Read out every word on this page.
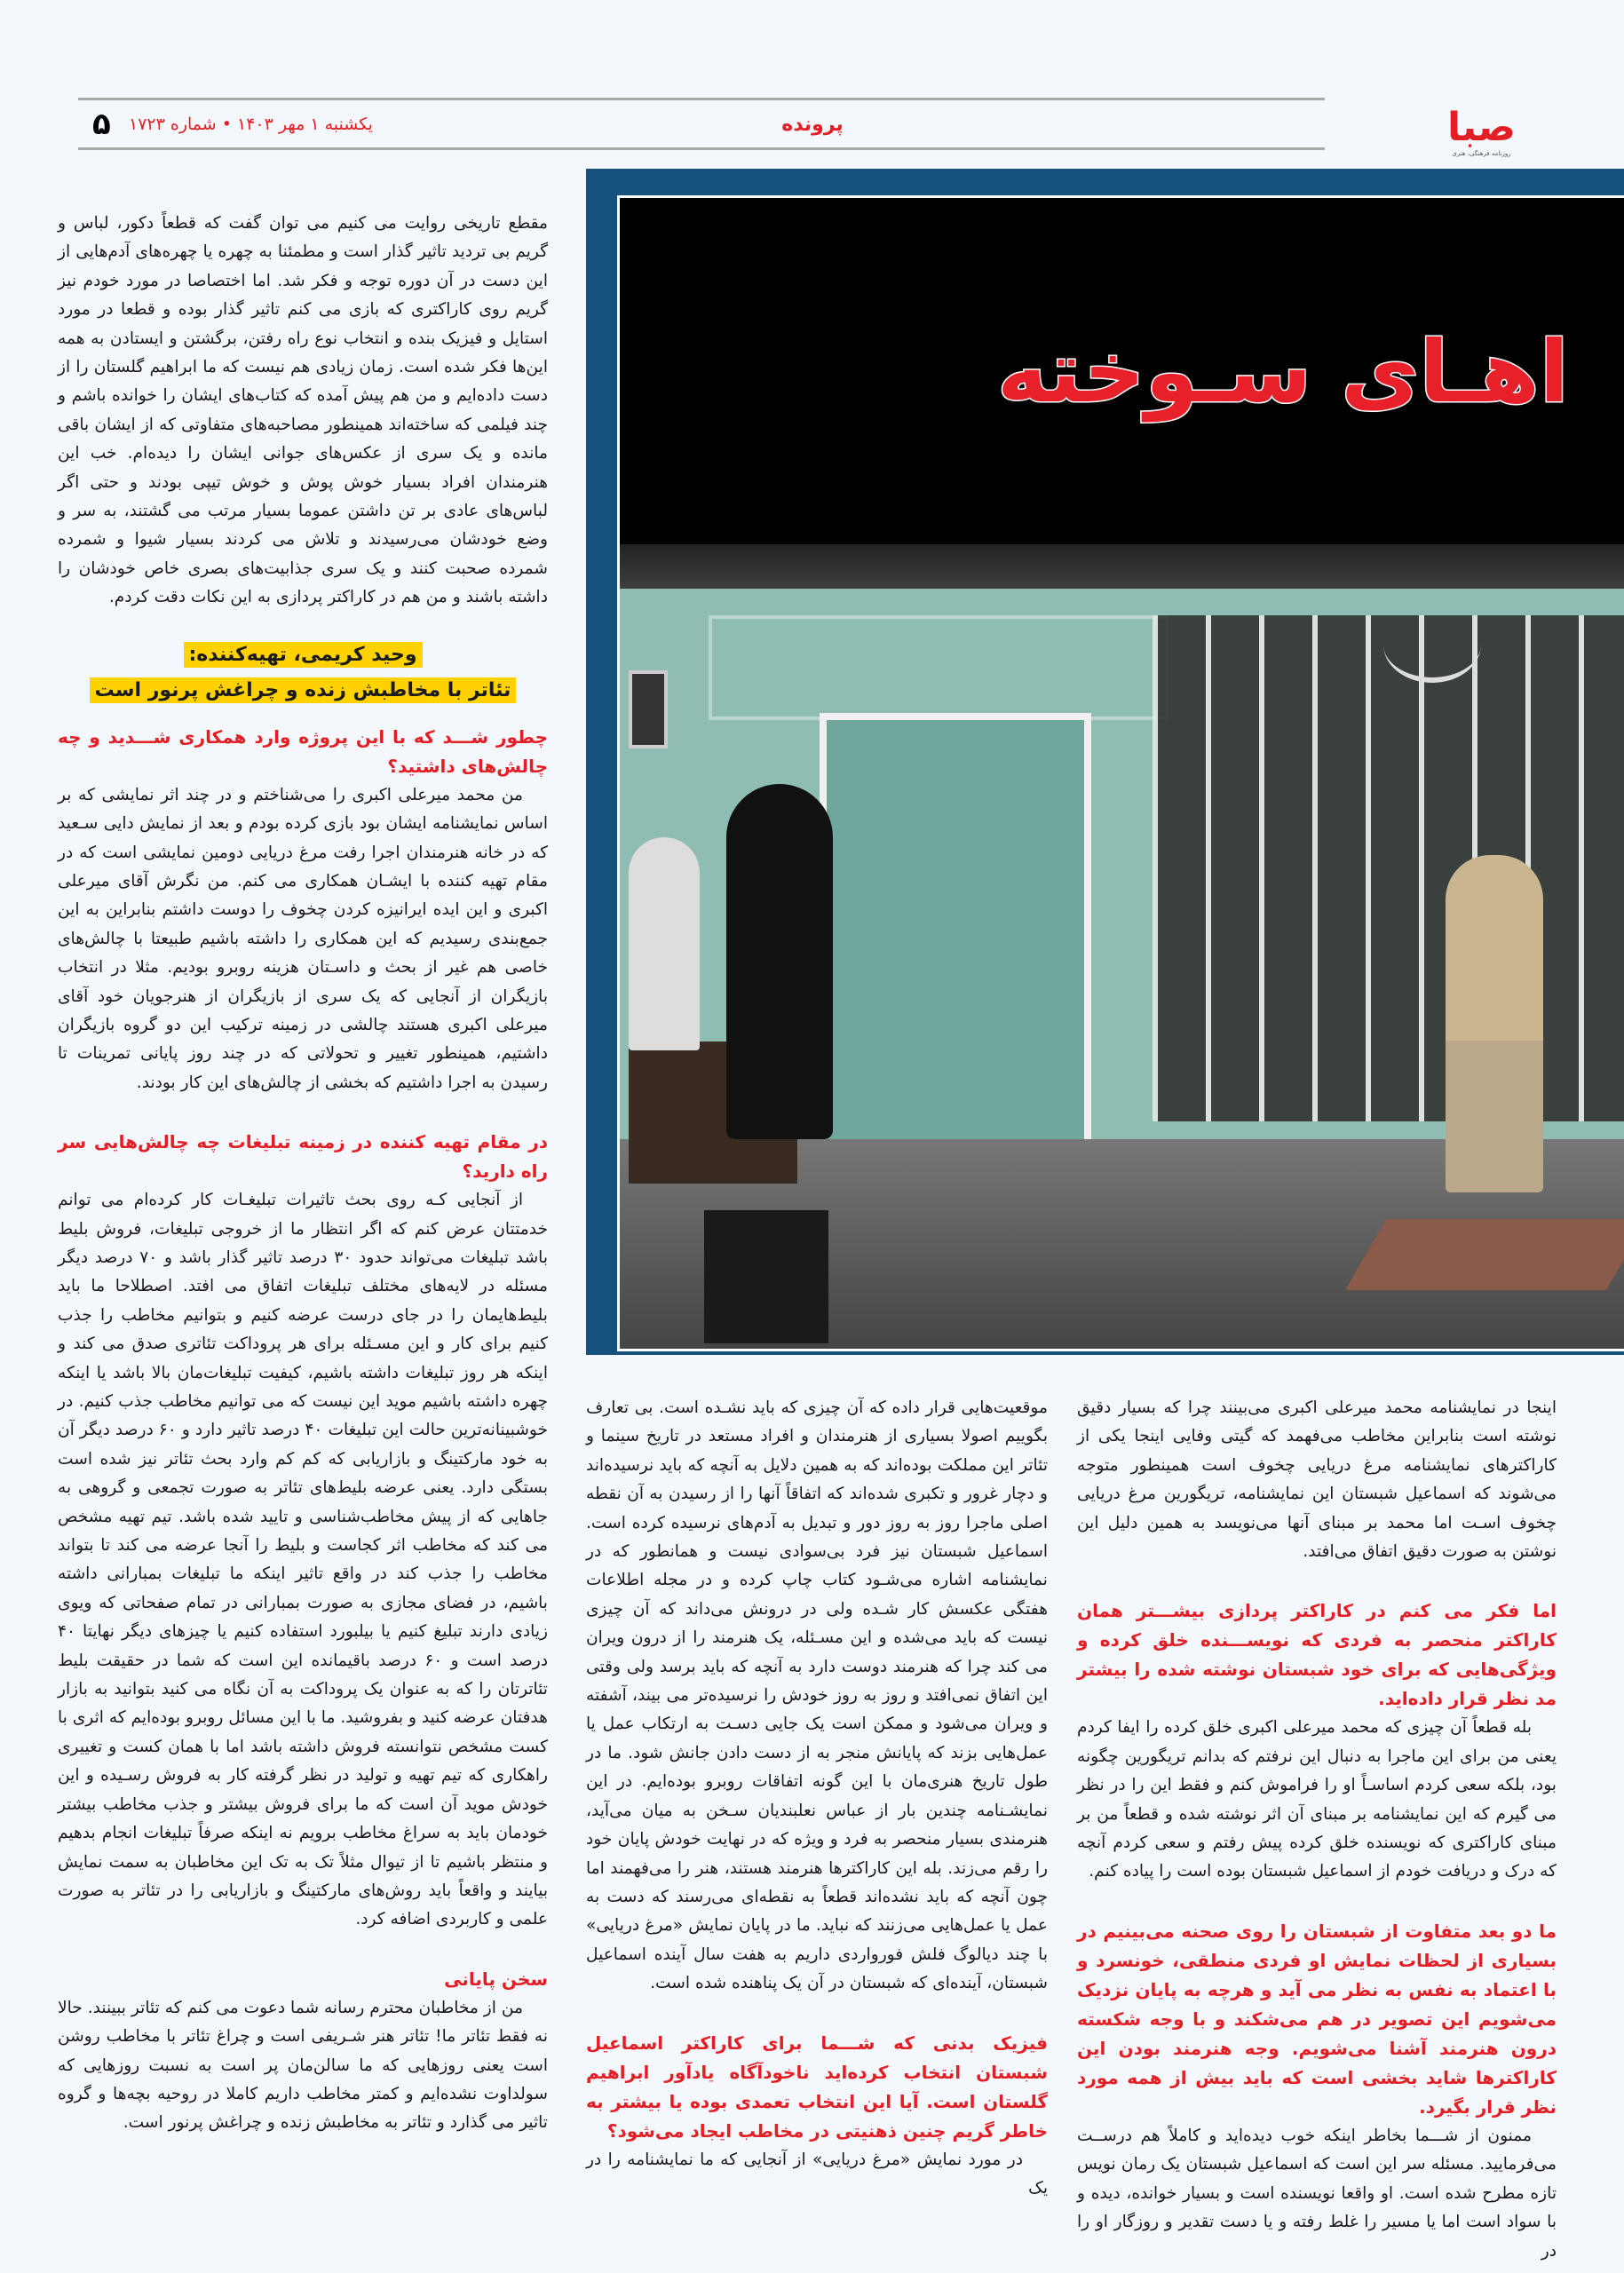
صبا
روزنامه فرهنگی، هنری
پرونده
یکشنبه ۱ مهر ۱۴۰۳ • شماره ۱۷۲۳
۵
اهـای سـوخته

مقطع تاریخی روایت می کنیم می توان گفت که قطعاً دکور، لباس و گریم بی تردید تاثیر گذار است و مطمئنا به چهره یا چهره‌های آدم‌هایی از این دست در آن دوره توجه و فکر شد. اما اختصاصا در مورد خودم نیز گریم روی کاراکتری که بازی می کنم تاثیر گذار بوده و قطعا در مورد استایل و فیزیک بنده و انتخاب نوع راه رفتن، برگشتن و ایستادن به همه این‌ها فکر شده است. زمان زیادی هم نیست که ما ابراهیم گلستان را از دست داده‌ایم و من هم پیش آمده که کتاب‌های ایشان را خوانده باشم و چند فیلمی که ساخته‌اند همینطور مصاحبه‌های متفاوتی که از ایشان باقی مانده و یک سری از عکس‌های جوانی ایشان را دیده‌ام. خب این هنرمندان افراد بسیار خوش پوش و خوش تیپی بودند و حتی اگر لباس‌های عادی بر تن داشتن عموما بسیار مرتب می گشتند، به سر و وضع خودشان می‌رسیدند و تلاش می کردند بسیار شیوا و شمرده شمرده صحبت کنند و یک سری جذابیت‌های بصری خاص خودشان را داشته باشند و من هم در کاراکتر پردازی به این نکات دقت کردم.

وحید کریمی، تهیه‌کننده:

تئاتر با مخاطبش زنده و چراغش پرنور است

چطور شـــد که با این پروژه وارد همکاری شـــدید و چه چالش‌های داشتید؟

من محمد میرعلی اکبری را می‌شناختم و در چند اثر نمایشی که بر اساس نمایشنامه ایشان بود بازی کرده بودم و بعد از نمایش دایی سـعید که در خانه هنرمندان اجرا رفت مرغ دریایی دومین نمایشی است که در مقام تهیه کننده با ایشـان همکاری می کنم. من نگرش آقای میرعلی اکبری و این ایده ایرانیزه کردن چخوف را دوست داشتم بنابراین به این جمع‌بندی رسیدیم که این همکاری را داشته باشیم طبیعتا با چالش‌های خاصی هم غیر از بحث و داسـتان هزینه روبرو بودیم. مثلا در انتخاب بازیگران از آنجایی که یک سری از بازیگران از هنرجویان خود آقای میرعلی اکبری هستند چالشی در زمینه ترکیب این دو گروه بازیگران داشتیم، همینطور تغییر و تحولاتی که در چند روز پایانی تمرینات تا رسیدن به اجرا داشتیم که بخشی از چالش‌های این کار بودند.

در مقام تهیه کننده در زمینه تبلیغات چه چالش‌هایی سر راه دارید؟

از آنجایی کـه روی بحث تاثیرات تبلیغـات کار کرده‌ام می توانم خدمتتان عرض کنم که اگر انتظار ما از خروجی تبلیغات، فروش بلیط باشد تبلیغات می‌تواند حدود ۳۰ درصد تاثیر گذار باشد و ۷۰ درصد دیگر مسئله در لایه‌های مختلف تبلیغات اتفاق می افتد. اصطلاحا ما باید بلیط‌هایمان را در جای درست عرضه کنیم و بتوانیم مخاطب را جذب کنیم برای کار و این مسـئله برای هر پروداکت تئاتری صدق می کند و اینکه هر روز تبلیغات داشته باشیم، کیفیت تبلیغات‌مان بالا باشد یا اینکه چهره داشته باشیم موید این نیست که می توانیم مخاطب جذب کنیم. در خوشبینانه‌ترین حالت این تبلیغات ۴۰ درصد تاثیر دارد و ۶۰ درصد دیگر آن به خود مارکتینگ و بازاریابی که کم کم وارد بحث تئاتر نیز شده است بستگی دارد. یعنی عرضه بلیط‌های تئاتر به صورت تجمعی و گروهی به جاهایی که از پیش مخاطب‌شناسی و تایید شده باشد. تیم تهیه مشخص می کند که مخاطب اثر کجاست و بلیط را آنجا عرضه می کند تا بتواند مخاطب را جذب کند در واقع تاثیر اینکه ما تبلیغات بمبارانی داشته باشیم، در فضای مجازی به صورت بمبارانی در تمام صفحاتی که ویوی زیادی دارند تبلیغ کنیم یا بیلبورد استفاده کنیم یا چیزهای دیگر نهایتا ۴۰ درصد است و ۶۰ درصد باقیمانده این است که شما در حقیقت بلیط تئاترتان را که به عنوان یک پروداکت به آن نگاه می کنید بتوانید به بازار هدفتان عرضه کنید و بفروشید. ما با این مسائل روبرو بوده‌ایم که اثری با کست مشخص نتوانسته فروش داشته باشد اما با همان کست و تغییری راهکاری که تیم تهیه و تولید در نظر گرفته کار به فروش رسـیده و این خودش موید آن است که ما برای فروش بیشتر و جذب مخاطب بیشتر خودمان باید به سراغ مخاطب برویم نه اینکه صرفاً تبلیغات انجام بدهیم و منتظر باشیم تا از تیوال مثلاً تک به تک این مخاطبان به سمت نمایش بیایند و واقعاً باید روش‌های مارکتینگ و بازاریابی را در تئاتر به صورت علمی و کاربردی اضافه کرد.

سخن پایانی

من از مخاطبان محترم رسانه شما دعوت می کنم که تئاتر ببینند. حالا نه فقط تئاتر ما! تئاتر هنر شـریفی است و چراغ تئاتر با مخاطب روشن است یعنی روزهایی که ما سالن‌مان پر است به نسبت روزهایی که سولداوت نشده‌ایم و کمتر مخاطب داریم کاملا در روحیه بچه‌ها و گروه تاثیر می گذارد و تئاتر به مخاطبش زنده و چراغش پرنور است.

موقعیت‌هایی قرار داده که آن چیزی که باید نشـده است. بی تعارف بگوییم اصولا بسیاری از هنرمندان و افراد مستعد در تاریخ سینما و تئاتر این مملکت بوده‌اند که به همین دلایل به آنچه که باید نرسیده‌اند و دچار غرور و تکبری شده‌اند که اتفاقاً آنها را از رسیدن به آن نقطه اصلی ماجرا روز به روز دور و تبدیل به آدم‌های نرسیده کرده است. اسماعیل شبستان نیز فرد بی‌سوادی نیست و همانطور که در نمایشنامه اشاره می‌شـود کتاب چاپ کرده و در مجله اطلاعات هفتگی عکسش کار شـده ولی در درونش می‌داند که آن چیزی نیست که باید می‌شده و این مسـئله، یک هنرمند را از درون ویران می کند چرا که هنرمند دوست دارد به آنچه که باید برسد ولی وقتی این اتفاق نمی‌افتد و روز به روز خودش را نرسیده‌تر می بیند، آشفته و ویران می‌شود و ممکن است یک جایی دسـت به ارتکاب عمل یا عمل‌هایی بزند که پایانش منجر به از دست دادن جانش شود. ما در طول تاریخ هنری‌مان با این گونه اتفاقات روبرو بوده‌ایم. در این نمایشـنامه چندین بار از عباس نعلبندیان سـخن به میان می‌آید، هنرمندی بسیار منحصر به فرد و ویژه که در نهایت خودش پایان خود را رقم می‌زند. بله این کاراکترها هنرمند هستند، هنر را می‌فهمند اما چون آنچه که باید نشده‌اند قطعاً به نقطه‌ای می‌رسند که دست به عمل یا عمل‌هایی می‌زنند که نباید. ما در پایان نمایش «مرغ دریایی» با چند دیالوگ فلش فورواردی داریم به هفت سال آینده اسماعیل شبستان، آینده‌ای که شبستان در آن یک پناهنده شده است.

فیزیک بدنی که شـــما برای کاراکتر اسماعیل شبستان انتخاب کرده‌اید ناخودآگاه یادآور ابراهیم گلستان است. آیا این انتخاب تعمدی بوده یا بیشتر به خاطر گریم چنین ذهنیتی در مخاطب ایجاد می‌شود؟

در مورد نمایش «مرغ دریایی» از آنجایی که ما نمایشنامه را در یک

اینجا در نمایشنامه محمد میرعلی اکبری می‌بینند چرا که بسیار دقیق نوشته است بنابراین مخاطب می‌فهمد که گیتی وفایی اینجا یکی از کاراکترهای نمایشنامه مرغ دریایی چخوف است همینطور متوجه می‌شوند که اسماعیل شبستان این نمایشنامه، تریگورین مرغ دریایی چخوف اسـت اما محمد بر مبنای آنها می‌نویسد به همین دلیل این نوشتن به صورت دقیق اتفاق می‌افتد.

اما فکر می کنم در کاراکتر پردازی بیشـــتر همان کاراکتر منحصر به فردی که نویســـنده خلق کرده و ویژگی‌هایی که برای خود شبستان نوشته شده را بیشتر مد نظر قرار داده‌اید.

بله قطعاً آن چیزی که محمد میرعلی اکبری خلق کرده را ایفا کردم یعنی من برای این ماجرا به دنبال این نرفتم که بدانم تریگورین چگونه بود، بلکه سعی کردم اساسـاً او را فراموش کنم و فقط این را در نظر می گیرم که این نمایشنامه بر مبنای آن اثر نوشته شده و قطعاً من بر مبنای کاراکتری که نویسنده خلق کرده پیش رفتم و سعی کردم آنچه که درک و دریافت خودم از اسماعیل شبستان بوده است را پیاده کنم.

ما دو بعد متفاوت از شبستان را روی صحنه می‌بینیم در بسیاری از لحظات نمایش او فردی منطقی، خونسرد و با اعتماد به نفس به نظر می آید و هرچه به پایان نزدیک می‌شویم این تصویر در هم می‌شکند و با وجه شکسته درون هنرمند آشنا می‌شویم. وجه هنرمند بودن این کاراکترها شاید بخشی است که باید بیش از همه مورد نظر قرار بگیرد.

ممنون از شـــما بخاطر اینکه خوب دیده‌اید و کاملاً هم درســت می‌فرمایید. مسئله سر این است که اسماعیل شبستان یک رمان نویس تازه مطرح شده است. او واقعا نویسنده است و بسیار خوانده، دیده و با سواد است اما یا مسیر را غلط رفته و یا دست تقدیر و روزگار او را در
